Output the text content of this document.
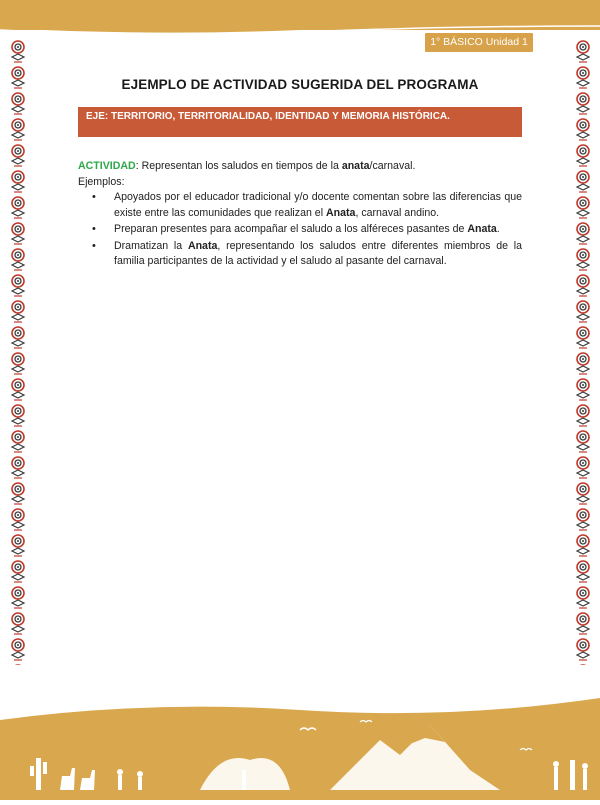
1° BÁSICO Unidad 1
EJEMPLO DE ACTIVIDAD SUGERIDA DEL PROGRAMA
EJE: TERRITORIO, TERRITORIALIDAD, IDENTIDAD Y MEMORIA HISTÓRICA.
ACTIVIDAD: Representan los saludos en tiempos de la anata/carnaval.
Ejemplos:
• Apoyados por el educador tradicional y/o docente comentan sobre las diferencias que existe entre las comunidades que realizan el Anata, carnaval andino.
• Preparan presentes para acompañar el saludo a los alféreces pasantes de Anata.
• Dramatizan la Anata, representando los saludos entre diferentes miembros de la familia participantes de la actividad y el saludo al pasante del carnaval.
